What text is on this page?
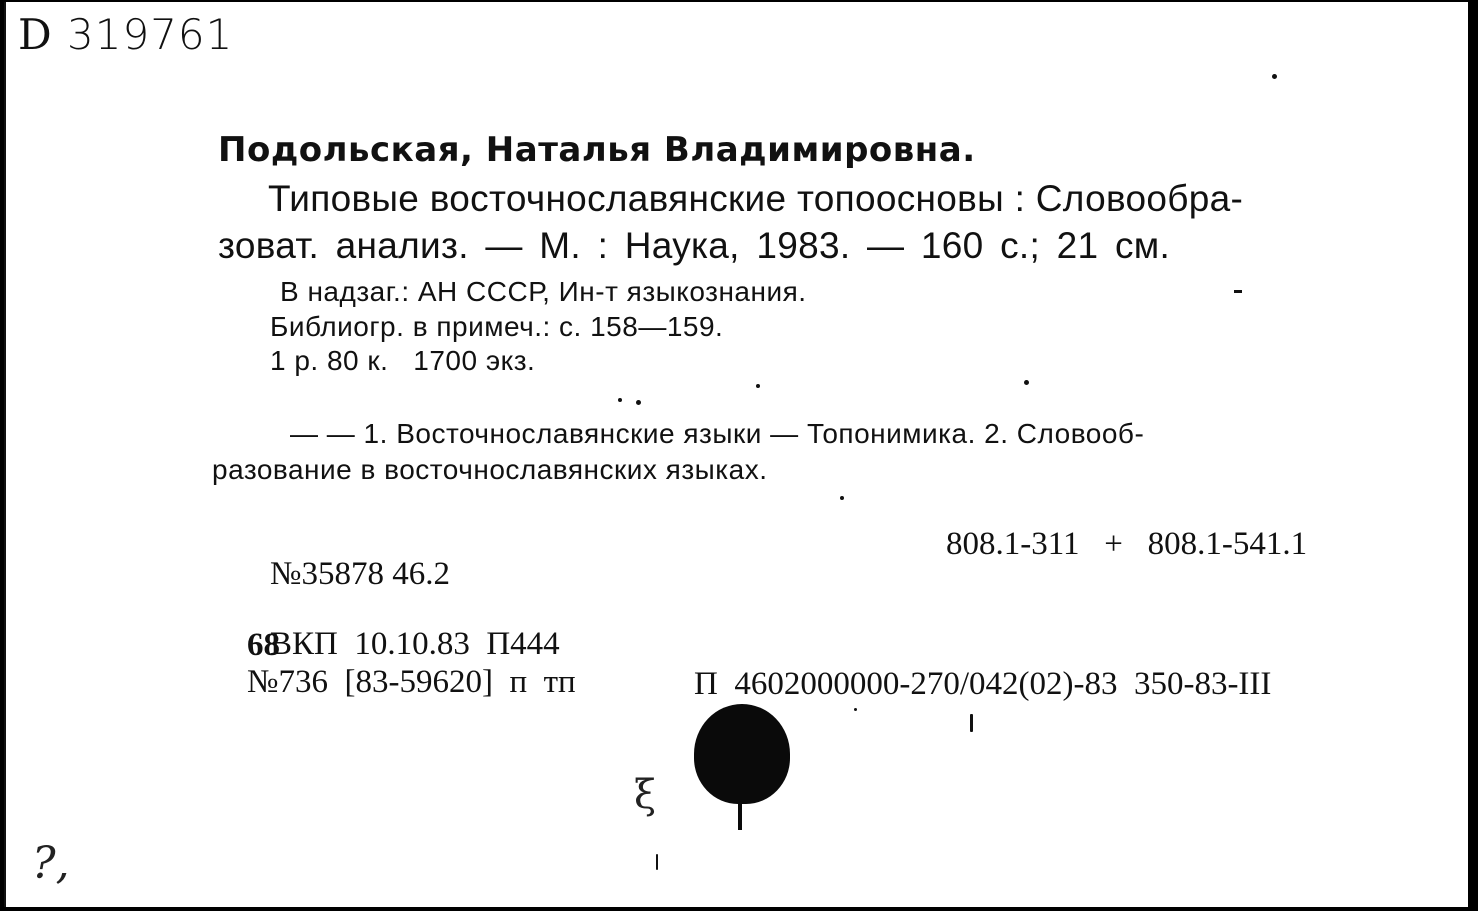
D 319761
Подольская, Наталья Владимировна.
Типовые восточнославянские топоосновы : Словообра-
зоват. анализ. — М. : Наука, 1983. — 160 с.; 21 см.
В надзаг.: АН СССР, Ин-т языкознания.
Библиогр. в примеч.: с. 158—159.
1 р. 80 к.   1700 экз.
— — 1. Восточнославянские языки — Топонимика. 2. Словооб-
разование в восточнославянских языках.
808.1-311   +   808.1-541.1
№35878 46.2

68
№736  [83-59620]  п  тп

ВКП  10.10.83  П444
П  4602000000-270/042(02)-83  350-83-III
ξ
?,
